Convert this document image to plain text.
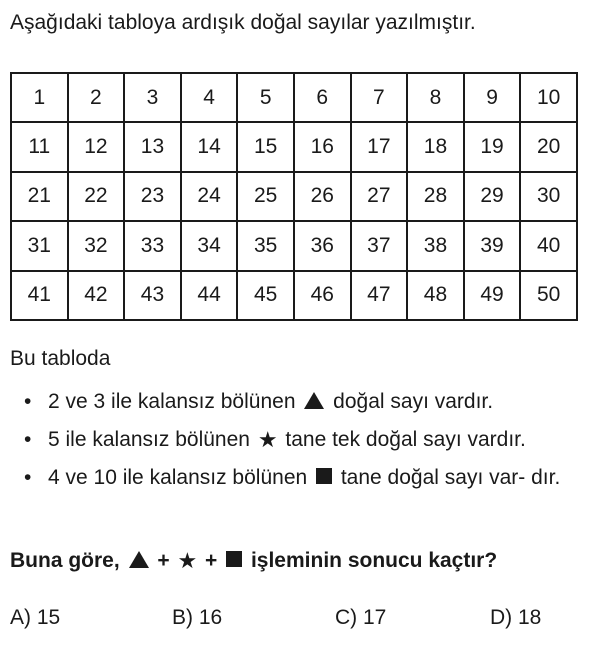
Aşağıdaki tabloya ardışık doğal sayılar yazılmıştır.

1	2	3	4	5	6	7	8	9	10
11	12	13	14	15	16	17	18	19	20
21	22	23	24	25	26	27	28	29	30
31	32	33	34	35	36	37	38	39	40
41	42	43	44	45	46	47	48	49	50

Bu tabloda

• 2 ve 3 ile kalansız bölünen  doğal sayı vardır.
• 5 ile kalansız bölünen ★ tane tek doğal sayı vardır.
• 4 ve 10 ile kalansız bölünen  tane doğal sayı var- dır.

Buna göre,  + ★ +  işleminin sonucu kaçtır?

A) 15	B) 16	C) 17	D) 18
